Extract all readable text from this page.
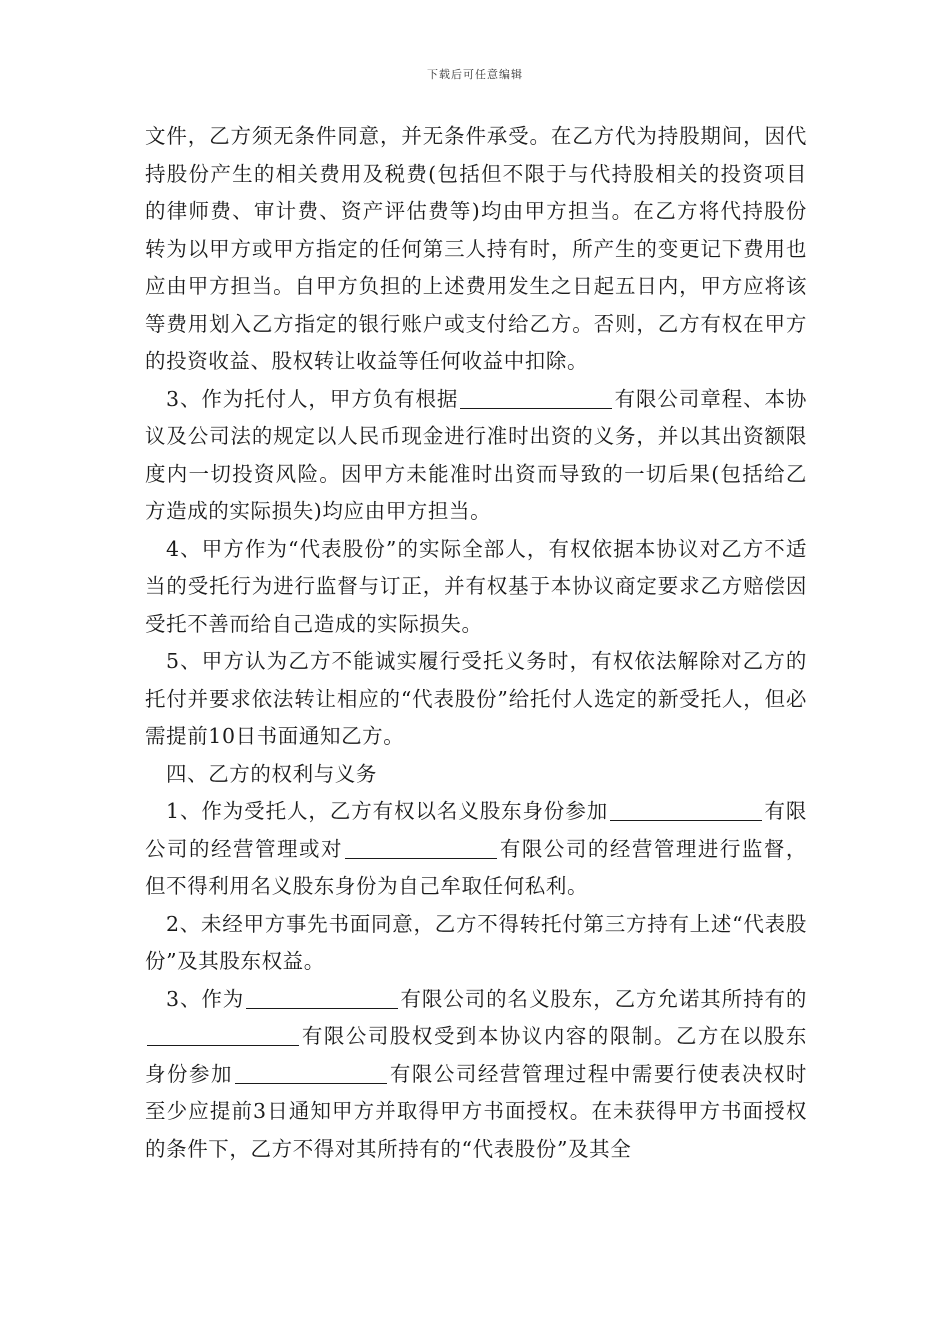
下载后可任意编辑

文件，乙方须无条件同意，并无条件承受。在乙方代为持股期间，因代持股份产生的相关费用及税费(包括但不限于与代持股相关的投资项目的律师费、审计费、资产评估费等)均由甲方担当。在乙方将代持股份转为以甲方或甲方指定的任何第三人持有时，所产生的变更记下费用也应由甲方担当。自甲方负担的上述费用发生之日起五日内，甲方应将该等费用划入乙方指定的银行账户或支付给乙方。否则，乙方有权在甲方的投资收益、股权转让收益等任何收益中扣除。

3、作为托付人，甲方负有根据	有限公司章程、本协议及公司法的规定以人民币现金进行准时出资的义务，并以其出资额限度内一切投资风险。因甲方未能准时出资而导致的一切后果(包括给乙方造成的实际损失)均应由甲方担当。

4、甲方作为“代表股份”的实际全部人，有权依据本协议对乙方不适当的受托行为进行监督与订正，并有权基于本协议商定要求乙方赔偿因受托不善而给自己造成的实际损失。

5、甲方认为乙方不能诚实履行受托义务时，有权依法解除对乙方的托付并要求依法转让相应的“代表股份”给托付人选定的新受托人，但必需提前10日书面通知乙方。

四、乙方的权利与义务

1、作为受托人，乙方有权以名义股东身份参加	有限公司的经营管理或对	有限公司的经营管理进行监督，但不得利用名义股东身份为自己牟取任何私利。

2、未经甲方事先书面同意，乙方不得转托付第三方持有上述“代表股份”及其股东权益。

3、作为	有限公司的名义股东，乙方允诺其所持有的有限公司股权受到本协议内容的限制。乙方在以股东身份参加	有限公司经营管理过程中需要行使表决权时至少应提前3日通知甲方并取得甲方书面授权。在未获得甲方书面授权的条件下，乙方不得对其所持有的“代表股份”及其全
